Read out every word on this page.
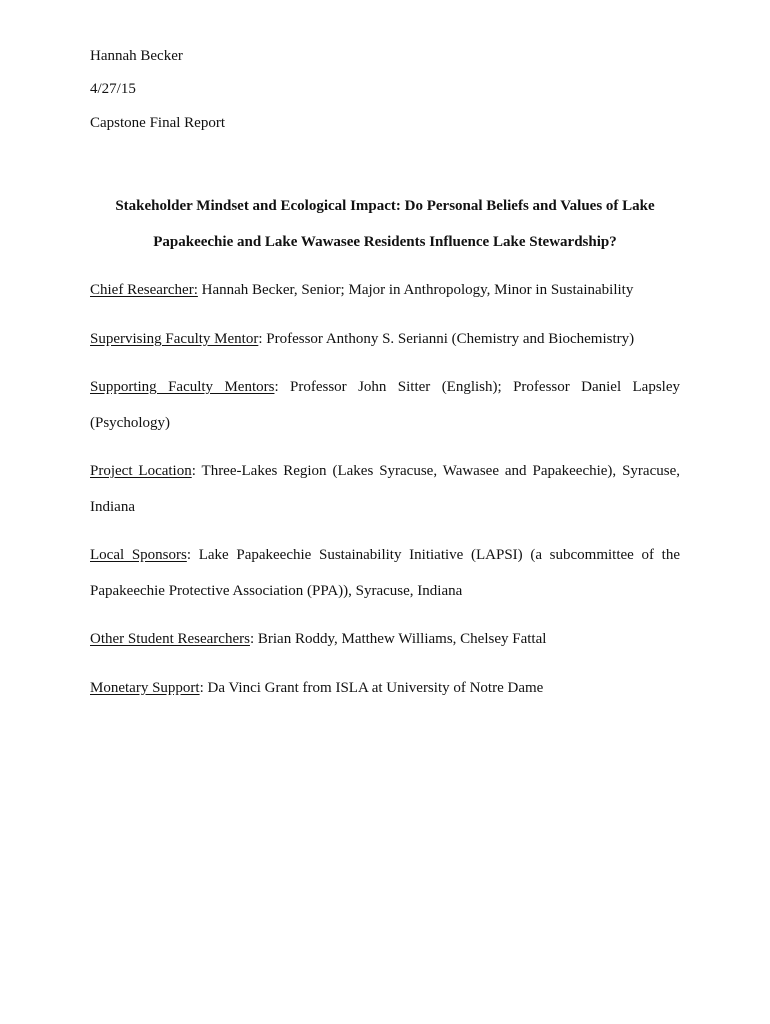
Hannah Becker
4/27/15
Capstone Final Report
Stakeholder Mindset and Ecological Impact: Do Personal Beliefs and Values of Lake
Papakeechie and Lake Wawasee Residents Influence Lake Stewardship?
Chief Researcher: Hannah Becker, Senior; Major in Anthropology, Minor in Sustainability
Supervising Faculty Mentor: Professor Anthony S. Serianni (Chemistry and Biochemistry)
Supporting Faculty Mentors: Professor John Sitter (English); Professor Daniel Lapsley (Psychology)
Project Location: Three-Lakes Region (Lakes Syracuse, Wawasee and Papakeechie), Syracuse, Indiana
Local Sponsors: Lake Papakeechie Sustainability Initiative (LAPSI) (a subcommittee of the Papakeechie Protective Association (PPA)), Syracuse, Indiana
Other Student Researchers: Brian Roddy, Matthew Williams, Chelsey Fattal
Monetary Support: Da Vinci Grant from ISLA at University of Notre Dame
